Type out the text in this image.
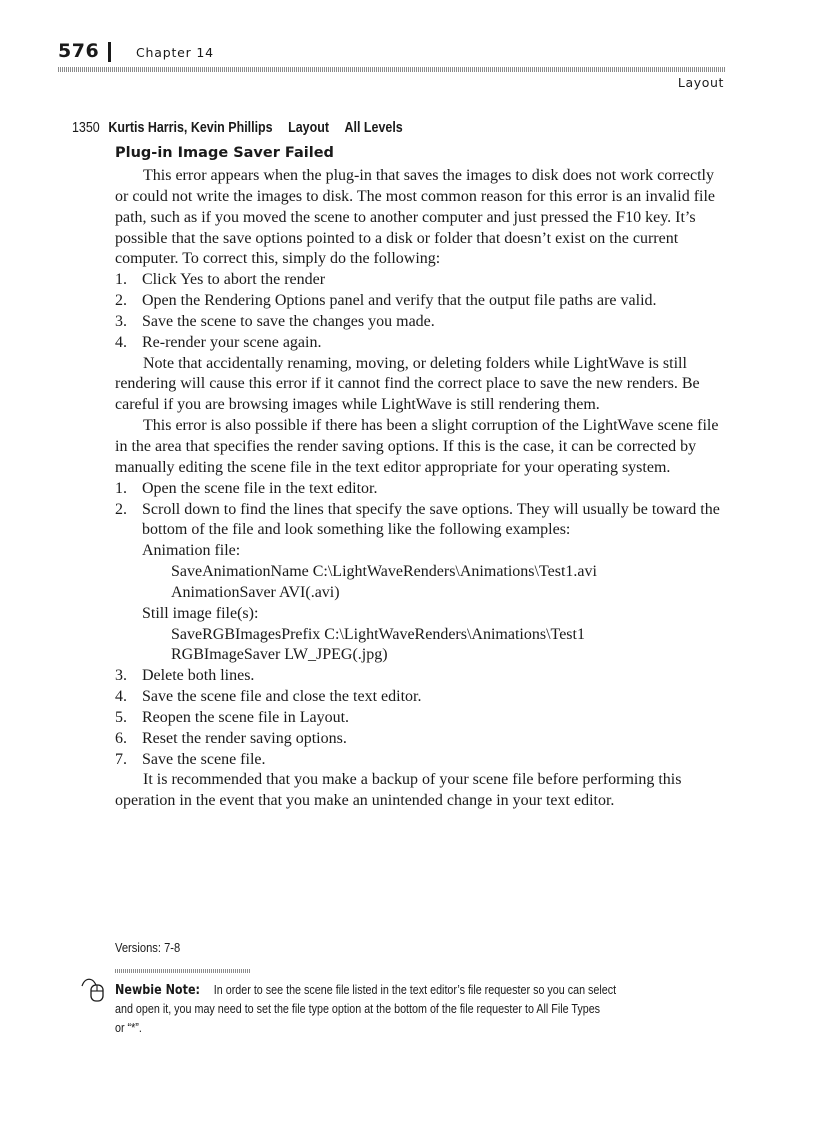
576	Chapter 14
Layout
1350 Kurtis Harris, Kevin Phillips Layout All Levels
Plug-in Image Saver Failed

This error appears when the plug-in that saves the images to disk does not work correctly or could not write the images to disk. The most common reason for this error is an invalid file path, such as if you moved the scene to another computer and just pressed the F10 key. It’s possible that the save options pointed to a disk or folder that doesn’t exist on the current computer. To correct this, simply do the following:

1. Click Yes to abort the render
2. Open the Rendering Options panel and verify that the output file paths are valid.
3. Save the scene to save the changes you made.
4. Re-render your scene again.

Note that accidentally renaming, moving, or deleting folders while LightWave is still rendering will cause this error if it cannot find the correct place to save the new renders. Be careful if you are browsing images while LightWave is still rendering them.

This error is also possible if there has been a slight corruption of the LightWave scene file in the area that specifies the render saving options. If this is the case, it can be corrected by manually editing the scene file in the text editor appropriate for your operating system.

1. Open the scene file in the text editor.
2. Scroll down to find the lines that specify the save options. They will usually be toward the bottom of the file and look something like the following examples:
Animation file:
SaveAnimationName C:\LightWaveRenders\Animations\Test1.avi
AnimationSaver AVI(.avi)
Still image file(s):
SaveRGBImagesPrefix C:\LightWaveRenders\Animations\Test1
RGBImageSaver LW_JPEG(.jpg)
3. Delete both lines.
4. Save the scene file and close the text editor.
5. Reopen the scene file in Layout.
6. Reset the render saving options.
7. Save the scene file.

It is recommended that you make a backup of your scene file before performing this operation in the event that you make an unintended change in your text editor.

Versions: 7-8
Newbie Note: In order to see the scene file listed in the text editor’s file requester so you can select
and open it, you may need to set the file type option at the bottom of the file requester to All File Types
or “*”.
